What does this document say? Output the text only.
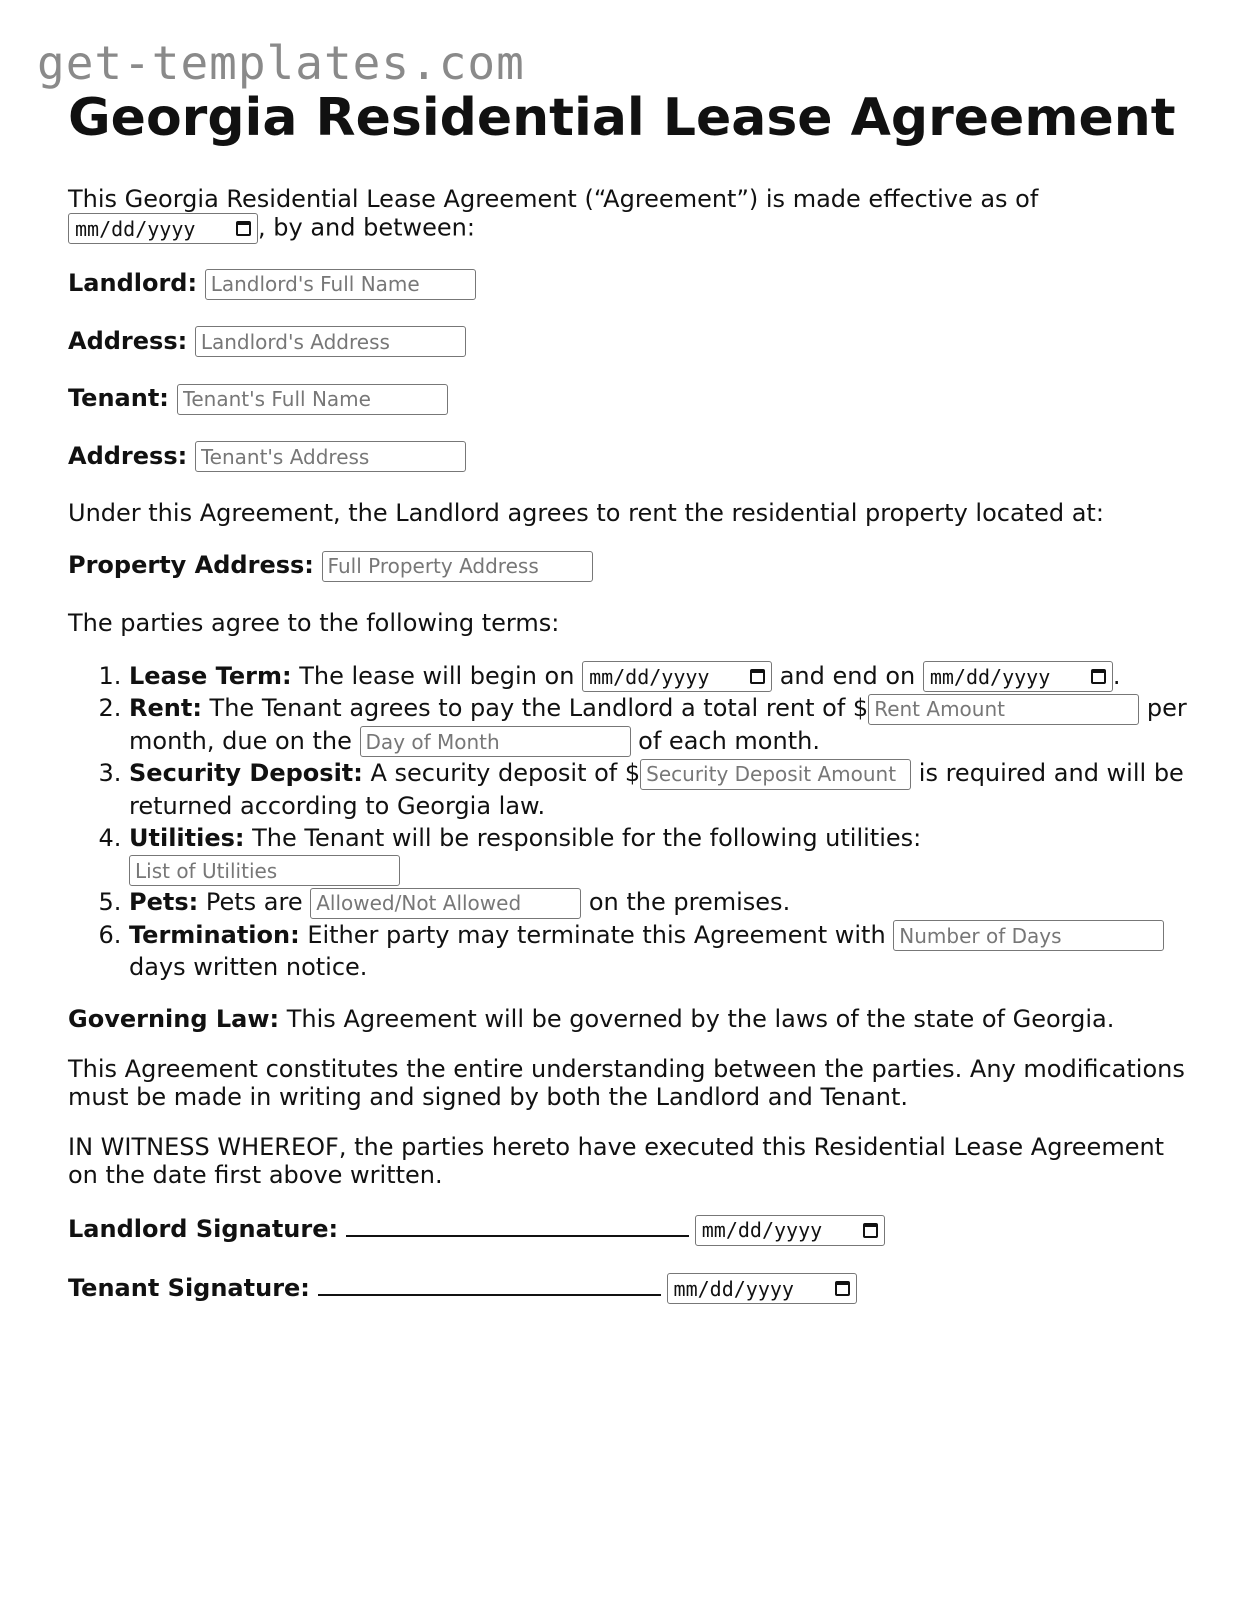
get-templates.com
Georgia Residential Lease Agreement

This Georgia Residential Lease Agreement (“Agreement”) is made effective as of

mm/dd/yyyy	, by and between:

Landlord: Landlord's Full Name

Address: Landlord's Address

Tenant: Tenant's Full Name

Address: Tenant's Address

Under this Agreement, the Landlord agrees to rent the residential property located at:

Property Address: Full Property Address

The parties agree to the following terms:

1. Lease Term: The lease will begin on mm/dd/yyyy	and end on mm/dd/yyyy	.
2. Rent: The Tenant agrees to pay the Landlord a total rent of $Rent Amount	per month, due on the Day of Month	of each month.
3. Security Deposit: A security deposit of $Security Deposit Amount	is required and will be returned according to Georgia law.
4. Utilities: The Tenant will be responsible for the following utilities:
List of Utilities
5. Pets: Pets are Allowed/Not Allowed	on the premises.
6. Termination: Either party may terminate this Agreement with Number of Days days written notice.

Governing Law: This Agreement will be governed by the laws of the state of Georgia.

This Agreement constitutes the entire understanding between the parties. Any modifications must be made in writing and signed by both the Landlord and Tenant.

IN WITNESS WHEREOF, the parties hereto have executed this Residential Lease Agreement on the date first above written.

Landlord Signature:	mm/dd/yyyy

Tenant Signature:	mm/dd/yyyy
